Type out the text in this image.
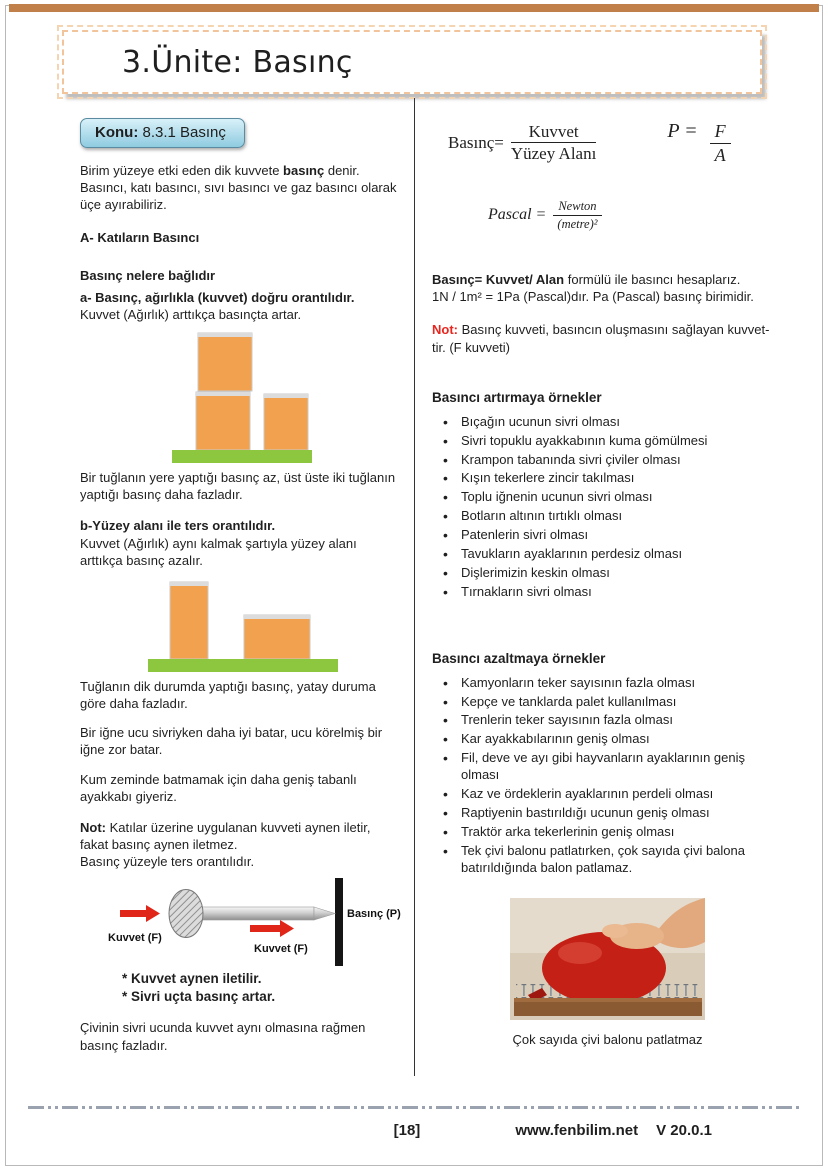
3.Ünite: Basınç
Konu: 8.3.1 Basınç

Birim yüzeye etki eden dik kuvvete basınç denir. Basıncı, katı basıncı, sıvı basıncı ve gaz basıncı olarak üçe ayırabiliriz.

A- Katıların Basıncı

Basınç nelere bağlıdır

a- Basınç, ağırlıkla (kuvvet) doğru orantılıdır.

Kuvvet (Ağırlık) arttıkça basınçta artar.

Bir tuğlanın yere yaptığı basınç az, üst üste iki tuğlanın yaptığı basınç daha fazladır.

b-Yüzey alanı ile ters orantılıdır.

Kuvvet (Ağırlık) aynı kalmak şartıyla yüzey alanı arttıkça basınç azalır.

Tuğlanın dik durumda yaptığı basınç, yatay duruma göre daha fazladır.

Bir iğne ucu sivriyken daha iyi batar, ucu körelmiş bir iğne zor batar.

Kum zeminde batmamak için daha geniş tabanlı ayakkabı giyeriz.

Not: Katılar üzerine uygulanan kuvveti aynen iletir, fakat basınç aynen iletmez.
Basınç yüzeyle ters orantılıdır.

Kuvvet (F)
Kuvvet (F)
Basınç (P)
* Kuvvet aynen iletilir.
* Sivri uçta basınç artar.

Çivinin sivri ucunda kuvvet aynı olmasına rağmen basınç fazladır.

Basınç= $\frac{\text{Kuvvet}}{\text{Yüzey Alanı}}$	$P = \frac{F}{A}$
Pascal = $\frac{\text{Newton}}{\text{(metre)²}}$

Basınç= Kuvvet/ Alan formülü ile basıncı hesaplarız.
1N / 1m² = 1Pa (Pascal)dır. Pa (Pascal) basınç birimidir.

Not: Basınç kuvveti, basıncın oluşmasını sağlayan kuvvet-tir. (F kuvveti)

Basıncı artırmaya örnekler

• Bıçağın ucunun sivri olması
• Sivri topuklu ayakkabının kuma gömülmesi
• Krampon tabanında sivri çiviler olması
• Kışın tekerlere zincir takılması
• Toplu iğnenin ucunun sivri olması
• Botların altının tırtıklı olması
• Patenlerin sivri olması
• Tavukların ayaklarının perdesiz olması
• Dişlerimizin keskin olması
• Tırnakların sivri olması

Basıncı azaltmaya örnekler

• Kamyonların teker sayısının fazla olması
• Kepçe ve tanklarda palet kullanılması
• Trenlerin teker sayısının fazla olması
• Kar ayakkabılarının geniş olması
• Fil, deve ve ayı gibi hayvanların ayaklarının geniş olması
• Kaz ve ördeklerin ayaklarının perdeli olması
• Raptiyenin bastırıldığı ucunun geniş olması
• Traktör arka tekerlerinin geniş olması
• Tek çivi balonu patlatırken, çok sayıda çivi balona batırıldığında balon patlamaz.

Çok sayıda çivi balonu patlatmaz

[18]	www.fenbilim.net V 20.0.1
